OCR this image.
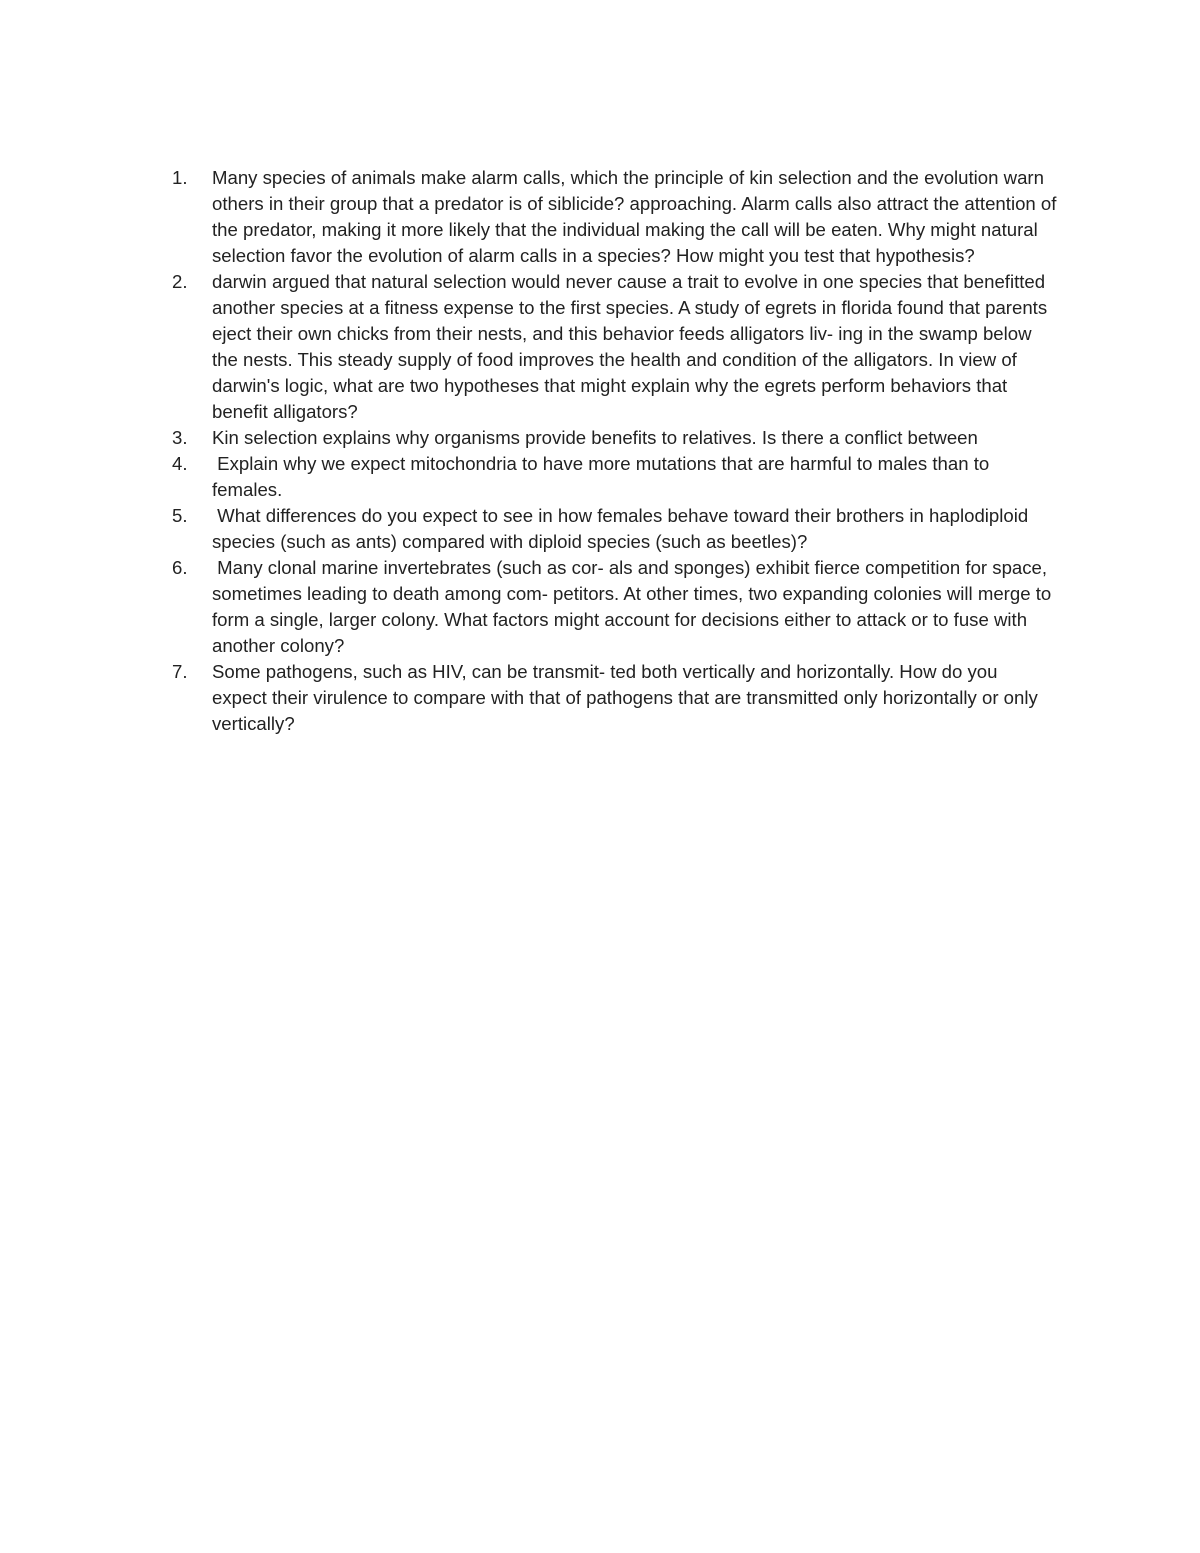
1.	Many species of animals make alarm calls, which the principle of kin selection and the evolution warn others in their group that a predator is of siblicide? approaching. Alarm calls also attract the attention of the predator, making it more likely that the individual making the call will be eaten. Why might natural selection favor the evolution of alarm calls in a species? How might you test that hypothesis?
2.	darwin argued that natural selection would never cause a trait to evolve in one species that benefitted another species at a fitness expense to the first species. A study of egrets in florida found that parents eject their own chicks from their nests, and this behavior feeds alligators liv- ing in the swamp below the nests. This steady supply of food improves the health and condition of the alligators. In view of darwin's logic, what are two hypotheses that might explain why the egrets perform behaviors that benefit alligators?
3.	Kin selection explains why organisms provide benefits to relatives. Is there a conflict between
4.	Explain why we expect mitochondria to have more mutations that are harmful to males than to females.
5.	What differences do you expect to see in how females behave toward their brothers in haplodiploid species (such as ants) compared with diploid species (such as beetles)?
6.	Many clonal marine invertebrates (such as cor- als and sponges) exhibit fierce competition for space, sometimes leading to death among com- petitors. At other times, two expanding colonies will merge to form a single, larger colony. What factors might account for decisions either to attack or to fuse with another colony?
7.	Some pathogens, such as HIV, can be transmit- ted both vertically and horizontally. How do you expect their virulence to compare with that of pathogens that are transmitted only horizontally or only vertically?
